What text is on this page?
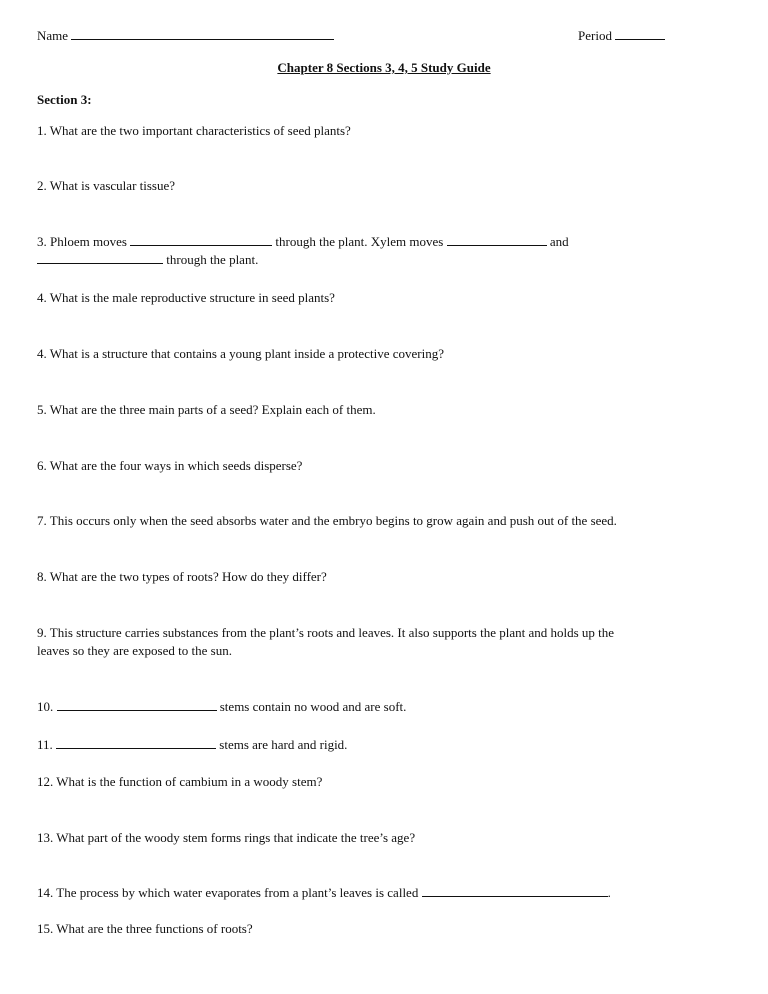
Name	Period
Chapter 8 Sections 3, 4, 5 Study Guide
Section 3:
1. What are the two important characteristics of seed plants?
2. What is vascular tissue?
3. Phloem moves	through the plant. Xylem moves	and
through the plant.
4. What is the male reproductive structure in seed plants?
4. What is a structure that contains a young plant inside a protective covering?
5. What are the three main parts of a seed? Explain each of them.
6. What are the four ways in which seeds disperse?
7. This occurs only when the seed absorbs water and the embryo begins to grow again and push out of the seed.
8. What are the two types of roots? How do they differ?
9. This structure carries substances from the plant’s roots and leaves. It also supports the plant and holds up the
leaves so they are exposed to the sun.
10.	stems contain no wood and are soft.
11.	stems are hard and rigid.
12. What is the function of cambium in a woody stem?
13. What part of the woody stem forms rings that indicate the tree’s age?
14. The process by which water evaporates from a plant’s leaves is called	.
15. What are the three functions of roots?
